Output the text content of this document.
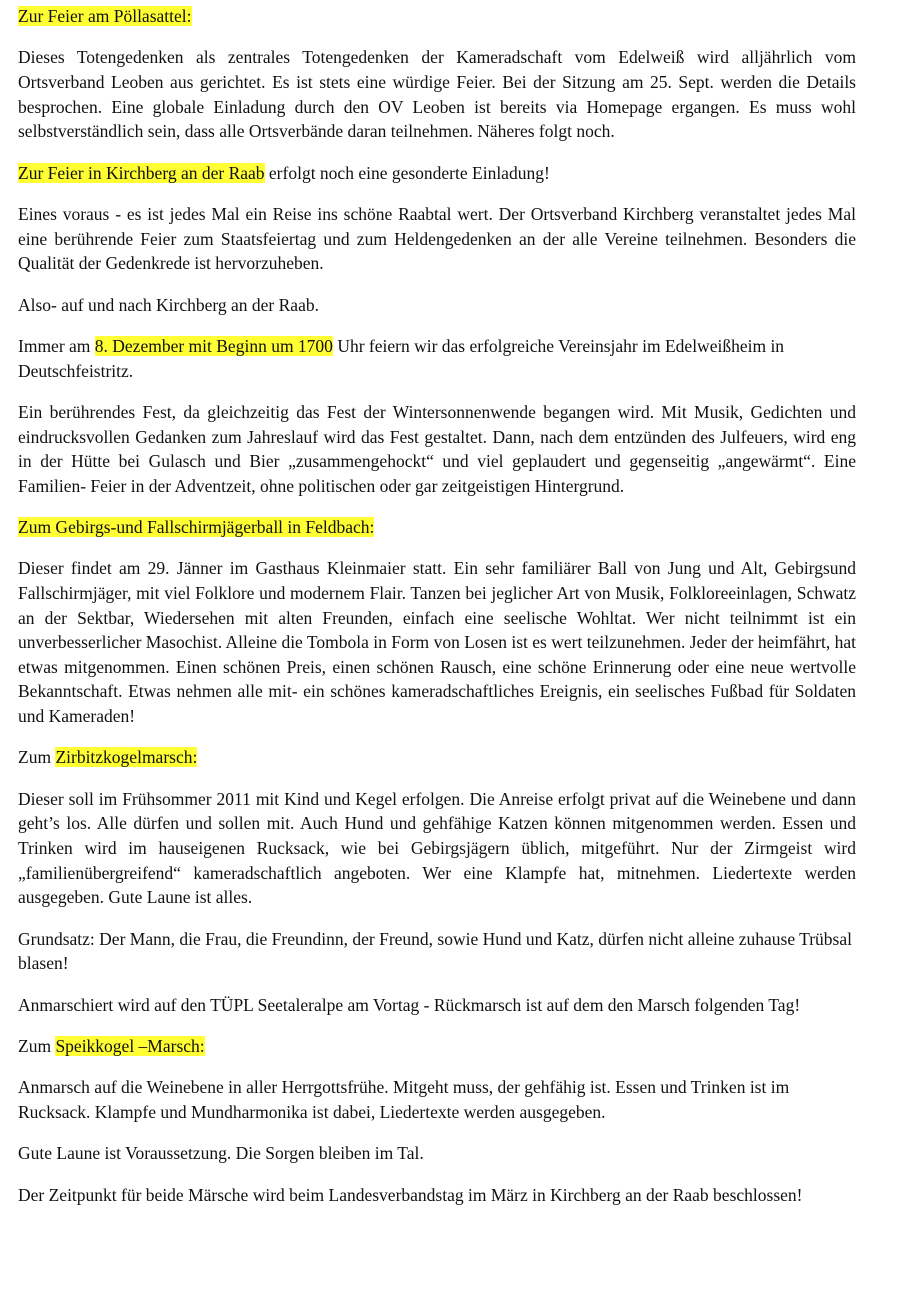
Zur Feier am Pöllasattel:

Dieses Totengedenken als zentrales Totengedenken der Kameradschaft vom Edelweiß wird alljährlich vom Ortsverband Leoben aus gerichtet. Es ist stets eine würdige Feier. Bei der Sitzung am 25. Sept. werden die Details besprochen. Eine globale Einladung durch den OV Leoben ist bereits via Homepage ergangen. Es muss wohl selbstverständlich sein, dass alle Ortsverbände daran teilnehmen. Näheres folgt noch.

Zur Feier in Kirchberg an der Raab erfolgt noch eine gesonderte Einladung!

Eines voraus - es ist jedes Mal ein Reise ins schöne Raabtal wert. Der Ortsverband Kirchberg veranstaltet jedes Mal eine berührende Feier zum Staatsfeiertag und zum Heldengedenken an der alle Vereine teilnehmen. Besonders die Qualität der Gedenkrede ist hervorzuheben.

Also- auf und nach Kirchberg an der Raab.

Immer am 8. Dezember mit Beginn um 1700 Uhr feiern wir das erfolgreiche Vereinsjahr im Edelweißheim in Deutschfeistritz.

Ein berührendes Fest, da gleichzeitig das Fest der Wintersonnenwende begangen wird. Mit Musik, Gedichten und eindrucksvollen Gedanken zum Jahreslauf wird das Fest gestaltet. Dann, nach dem entzünden des Julfeuers, wird eng in der Hütte bei Gulasch und Bier „zusammengehockt“ und viel geplaudert und gegenseitig „angewärmt“. Eine Familien- Feier in der Adventzeit, ohne politischen oder gar zeitgeistigen Hintergrund.

Zum Gebirgs-und Fallschirmjägerball in Feldbach:

Dieser findet am 29. Jänner im Gasthaus Kleinmaier statt. Ein sehr familiärer Ball von Jung und Alt, Gebirgsund Fallschirmjäger, mit viel Folklore und modernem Flair. Tanzen bei jeglicher Art von Musik, Folkloreeinlagen, Schwatz an der Sektbar, Wiedersehen mit alten Freunden, einfach eine seelische Wohltat. Wer nicht teilnimmt ist ein unverbesserlicher Masochist. Alleine die Tombola in Form von Losen ist es wert teilzunehmen. Jeder der heimfährt, hat etwas mitgenommen. Einen schönen Preis, einen schönen Rausch, eine schöne Erinnerung oder eine neue wertvolle Bekanntschaft. Etwas nehmen alle mit- ein schönes kameradschaftliches Ereignis, ein seelisches Fußbad für Soldaten und Kameraden!

Zum Zirbitzkogelmarsch:

Dieser soll im Frühsommer 2011 mit Kind und Kegel erfolgen. Die Anreise erfolgt privat auf die Weinebene und dann geht’s los. Alle dürfen und sollen mit. Auch Hund und gehfähige Katzen können mitgenommen werden. Essen und Trinken wird im hauseigenen Rucksack, wie bei Gebirgsjägern üblich, mitgeführt. Nur der Zirmgeist wird „familienübergreifend“ kameradschaftlich angeboten. Wer eine Klampfe hat, mitnehmen. Liedertexte werden ausgegeben. Gute Laune ist alles.

Grundsatz: Der Mann, die Frau, die Freundinn, der Freund, sowie Hund und Katz, dürfen nicht alleine zuhause Trübsal blasen!

Anmarschiert wird auf den TÜPL Seetaleralpe am Vortag - Rückmarsch ist auf dem den Marsch folgenden Tag!

Zum Speikkogel –Marsch:

Anmarsch auf die Weinebene in aller Herrgottsfrühe. Mitgeht muss, der gehfähig ist. Essen und Trinken ist im Rucksack. Klampfe und Mundharmonika ist dabei, Liedertexte werden ausgegeben.

Gute Laune ist Voraussetzung. Die Sorgen bleiben im Tal.

Der Zeitpunkt für beide Märsche wird beim Landesverbandstag im März in Kirchberg an der Raab beschlossen!
